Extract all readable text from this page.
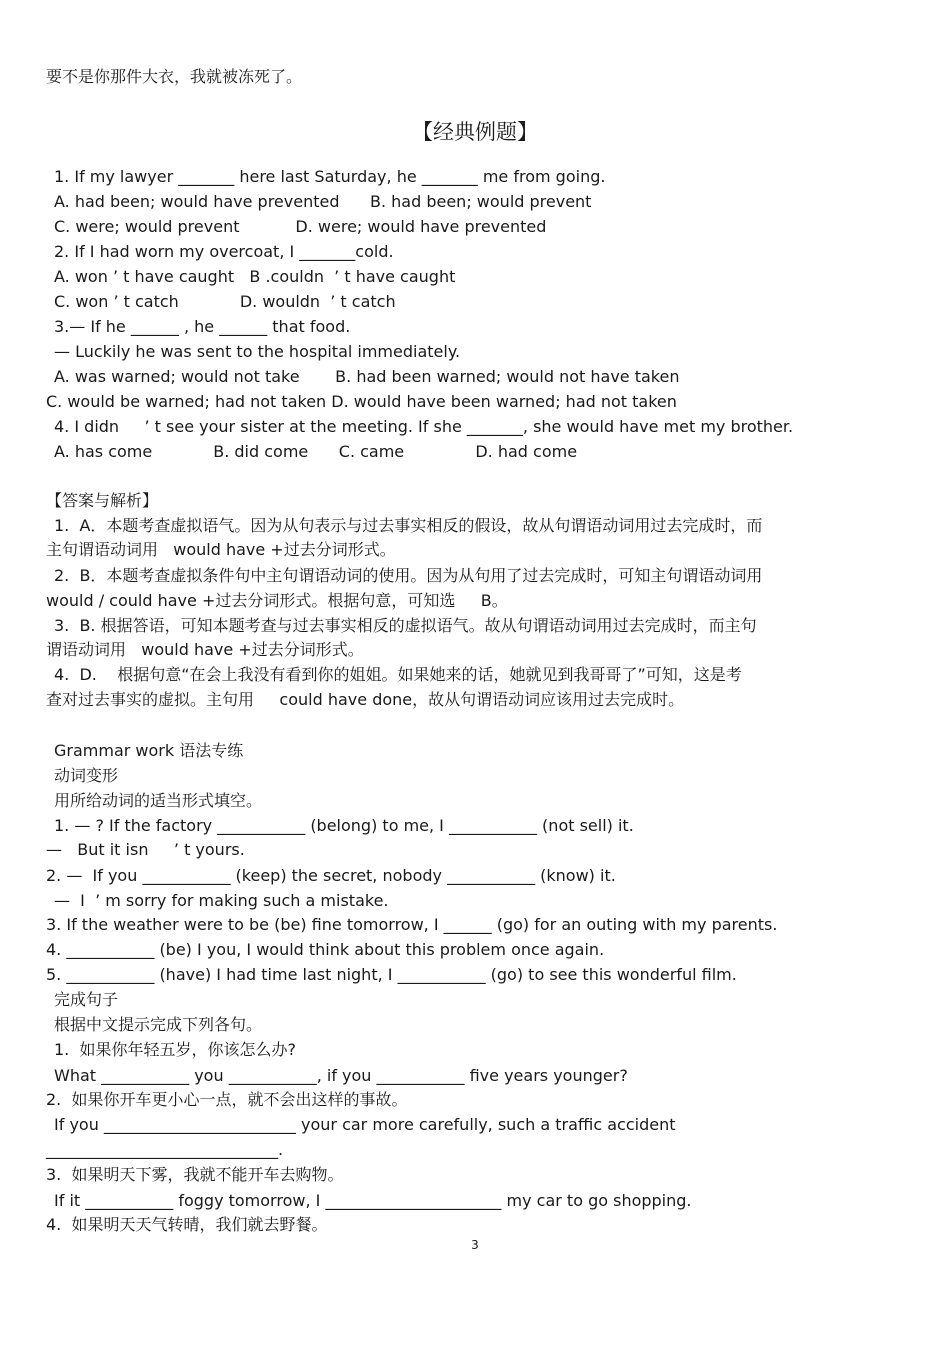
要不是你那件大衣，我就被冻死了。
【经典例题】
1. If my lawyer _______ here last Saturday, he _______ me from going.
A. had been; would have prevented      B. had been; would prevent
C. were; would prevent           D. were; would have prevented
2. If I had worn my overcoat, I _______cold.
A. won ’ t have caught   B .couldn  ’ t have caught
C. won ’ t catch            D. wouldn  ’ t catch
3.— If he ______ , he ______ that food.
— Luckily he was sent to the hospital immediately.
A. was warned; would not take       B. had been warned; would not have taken
C. would be warned; had not taken D. would have been warned; had not taken
4. I didn     ’ t see your sister at the meeting. If she _______, she would have met my brother.
A. has come            B. did come      C. came              D. had come
【答案与解析】
1.  A．本题考查虚拟语气。因为从句表示与过去事实相反的假设，故从句谓语动词用过去完成时，而
主句谓语动词用   would have +过去分词形式。
2.  B．本题考查虚拟条件句中主句谓语动词的使用。因为从句用了过去完成时，可知主句谓语动词用
would / could have +过去分词形式。根据句意，可知选     B。
3.  B. 根据答语，可知本题考查与过去事实相反的虚拟语气。故从句谓语动词用过去完成时，而主句
谓语动词用   would have +过去分词形式。
4.  D.    根据句意“在会上我没有看到你的姐姐。如果她来的话，她就见到我哥哥了”可知，这是考
查对过去事实的虚拟。主句用     could have done，故从句谓语动词应该用过去完成时。
Grammar work 语法专练
动词变形
用所给动词的适当形式填空。
1. — ? If the factory ___________ (belong) to me, I ___________ (not sell) it.
—   But it isn     ’ t yours.
2. —  If you ___________ (keep) the secret, nobody ___________ (know) it.
—  I  ’ m sorry for making such a mistake.
3. If the weather were to be (be) fine tomorrow, I ______ (go) for an outing with my parents.
4. ___________ (be) I you, I would think about this problem once again.
5. ___________ (have) I had time last night, I ___________ (go) to see this wonderful film.
完成句子
根据中文提示完成下列各句。
1.  如果你年轻五岁，你该怎么办?
What ___________ you ___________, if you ___________ five years younger?
2.  如果你开车更小心一点，就不会出这样的事故。
If you ________________________ your car more carefully, such a traffic accident
_____________________________.
3.  如果明天下雾，我就不能开车去购物。
If it ___________ foggy tomorrow, I ______________________ my car to go shopping.
4.  如果明天天气转晴，我们就去野餐。
3
